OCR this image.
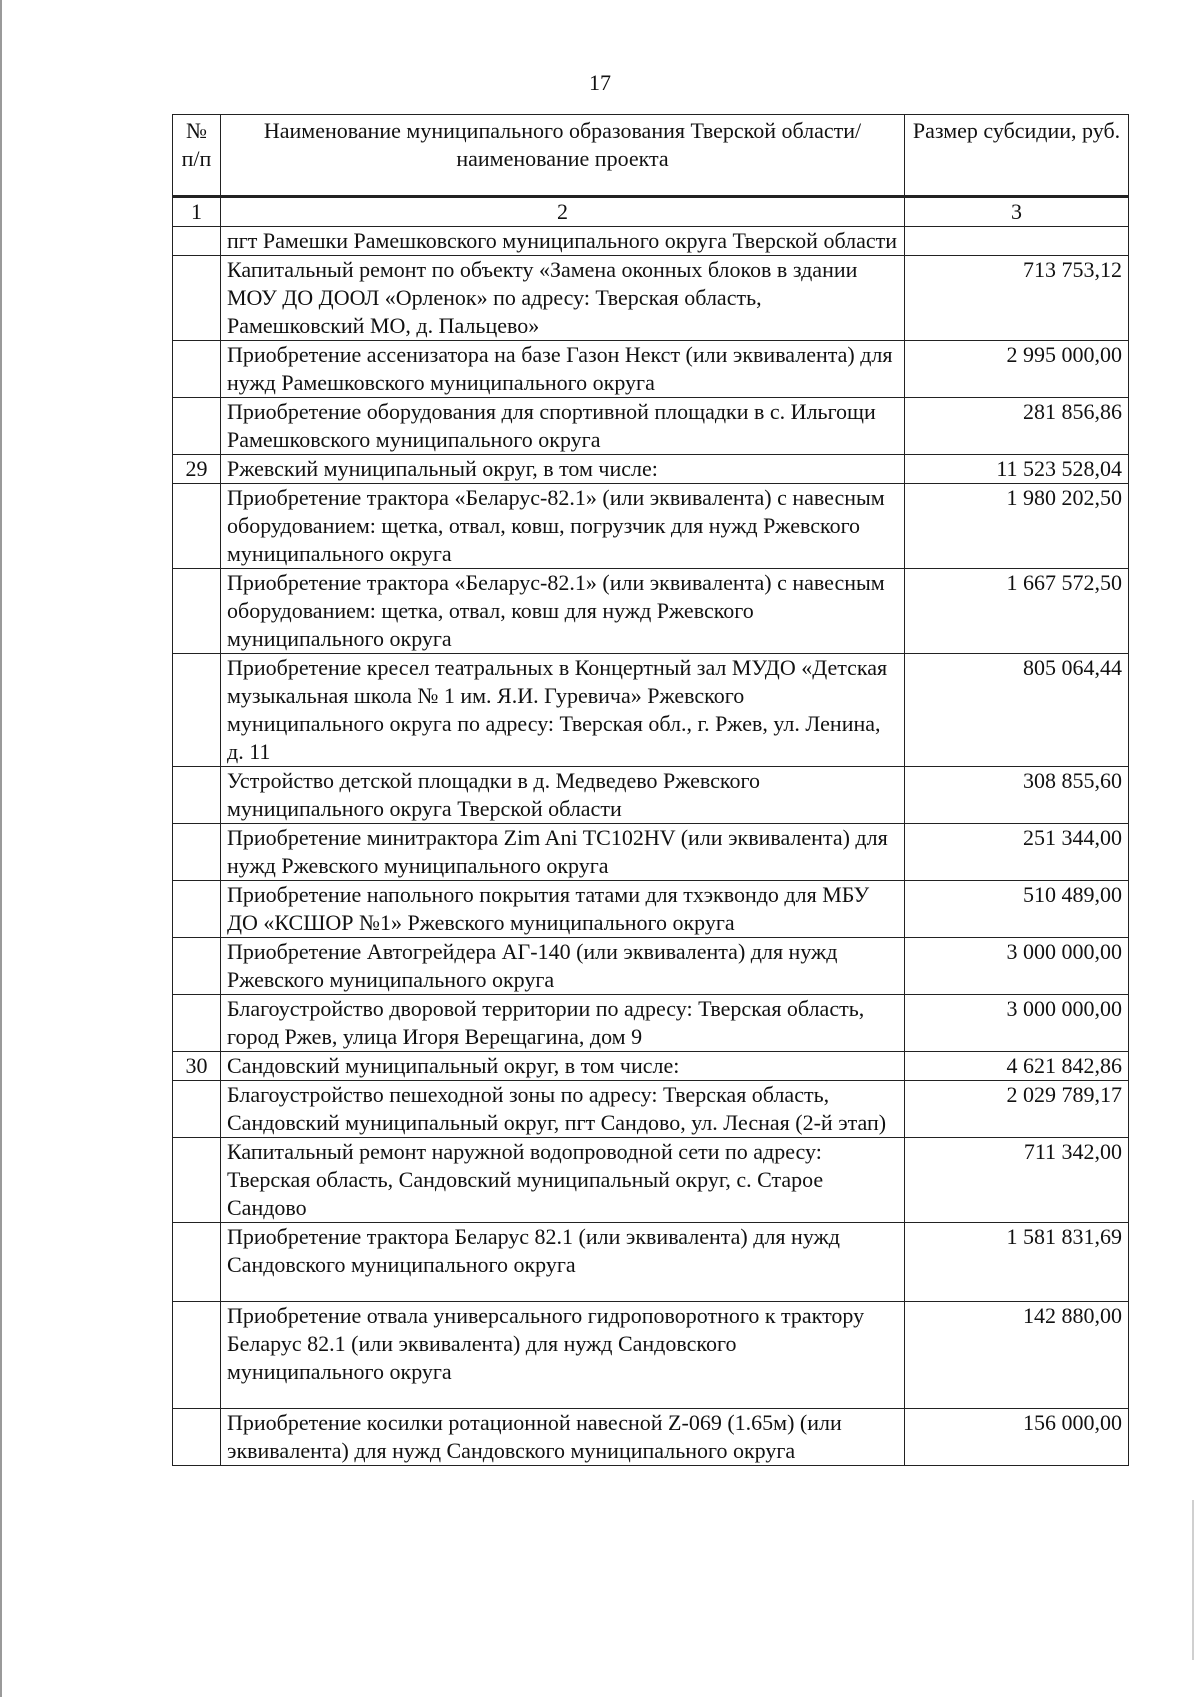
17
№ п/п	Наименование муниципального образования Тверской области/наименование проекта	Размер субсидии, руб.
1	2	3
	пгт Рамешки Рамешковского муниципального округа Тверской области	
	Капитальный ремонт по объекту «Замена оконных блоков в здании МОУ ДО ДООЛ «Орленок» по адресу: Тверская область, Рамешковский МО, д. Пальцево»	713 753,12
	Приобретение ассенизатора на базе Газон Некст (или эквивалента) для нужд Рамешковского муниципального округа	2 995 000,00
	Приобретение оборудования для спортивной площадки в с. Ильгощи Рамешковского муниципального округа	281 856,86
29	Ржевский муниципальный округ, в том числе:	11 523 528,04
	Приобретение трактора «Беларус-82.1» (или эквивалента) с навесным оборудованием: щетка, отвал, ковш, погрузчик для нужд Ржевского муниципального округа	1 980 202,50
	Приобретение трактора «Беларус-82.1» (или эквивалента) с навесным оборудованием: щетка, отвал, ковш для нужд Ржевского муниципального округа	1 667 572,50
	Приобретение кресел театральных в Концертный зал МУДО «Детская музыкальная школа № 1 им. Я.И. Гуревича» Ржевского муниципального округа по адресу: Тверская обл., г. Ржев, ул. Ленина, д. 11	805 064,44
	Устройство детской площадки в д. Медведево Ржевского муниципального округа Тверской области	308 855,60
	Приобретение минитрактора Zim Ani TC102HV (или эквивалента) для нужд Ржевского муниципального округа	251 344,00
	Приобретение напольного покрытия татами для тхэквондо для МБУ ДО «КСШОР №1» Ржевского муниципального округа	510 489,00
	Приобретение Автогрейдера АГ-140 (или эквивалента) для нужд Ржевского муниципального округа	3 000 000,00
	Благоустройство дворовой территории по адресу: Тверская область, город Ржев, улица Игоря Верещагина, дом 9	3 000 000,00
30	Сандовский муниципальный округ, в том числе:	4 621 842,86
	Благоустройство пешеходной зоны по адресу: Тверская область, Сандовский муниципальный округ, пгт Сандово, ул. Лесная (2-й этап)	2 029 789,17
	Капитальный ремонт наружной водопроводной сети по адресу: Тверская область, Сандовский муниципальный округ, с. Старое Сандово	711 342,00
	Приобретение трактора Беларус 82.1 (или эквивалента) для нужд Сандовского муниципального округа	1 581 831,69
	Приобретение отвала универсального гидроповоротного к трактору Беларус 82.1 (или эквивалента) для нужд Сандовского муниципального округа	142 880,00
	Приобретение косилки ротационной навесной Z-069 (1.65м) (или эквивалента) для нужд Сандовского муниципального округа	156 000,00
